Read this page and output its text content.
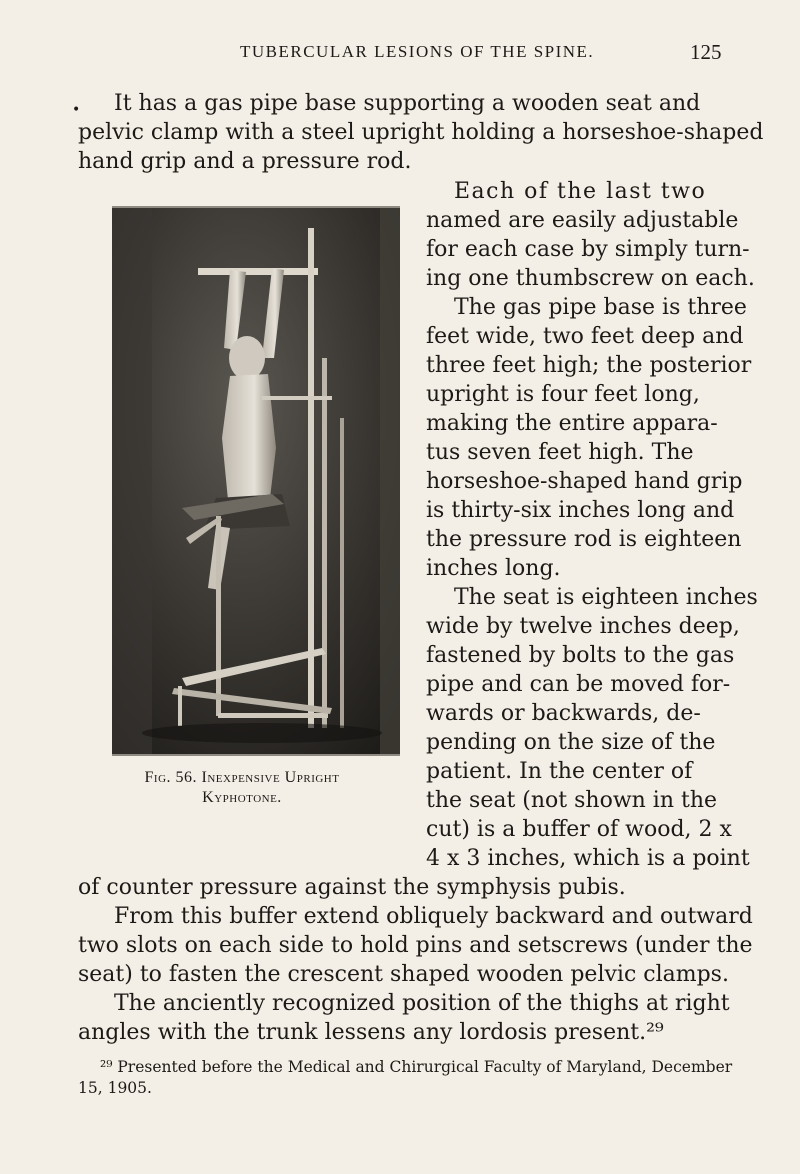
TUBERCULAR LESIONS OF THE SPINE.	125
•	It has a gas pipe base supporting a wooden seat and
pelvic clamp with a steel upright holding a horseshoe-shaped
hand grip and a pressure rod.
Each of the last two
named are easily adjustable
for each case by simply turn-
ing one thumbscrew on each.
The gas pipe base is three
feet wide, two feet deep and
three feet high; the posterior
upright is four feet long,
making the entire appara-
tus seven feet high. The
horseshoe-shaped hand grip
is thirty-six inches long and
the pressure rod is eighteen
inches long.
The seat is eighteen inches
wide by twelve inches deep,
fastened by bolts to the gas
pipe and can be moved for-
wards or backwards, de-
pending on the size of the
patient. In the center of
the seat (not shown in the
cut) is a buffer of wood, 2 x
4 x 3 inches, which is a point
of counter pressure against the symphysis pubis.
From this buffer extend obliquely backward and outward
two slots on each side to hold pins and setscrews (under the
seat) to fasten the crescent shaped wooden pelvic clamps.
The anciently recognized position of the thighs at right
angles with the trunk lessens any lordosis present.²⁹
²⁹ Presented before the Medical and Chirurgical Faculty of Maryland, December
15, 1905.
Fig. 56. Inexpensive Upright
Kyphotone.
